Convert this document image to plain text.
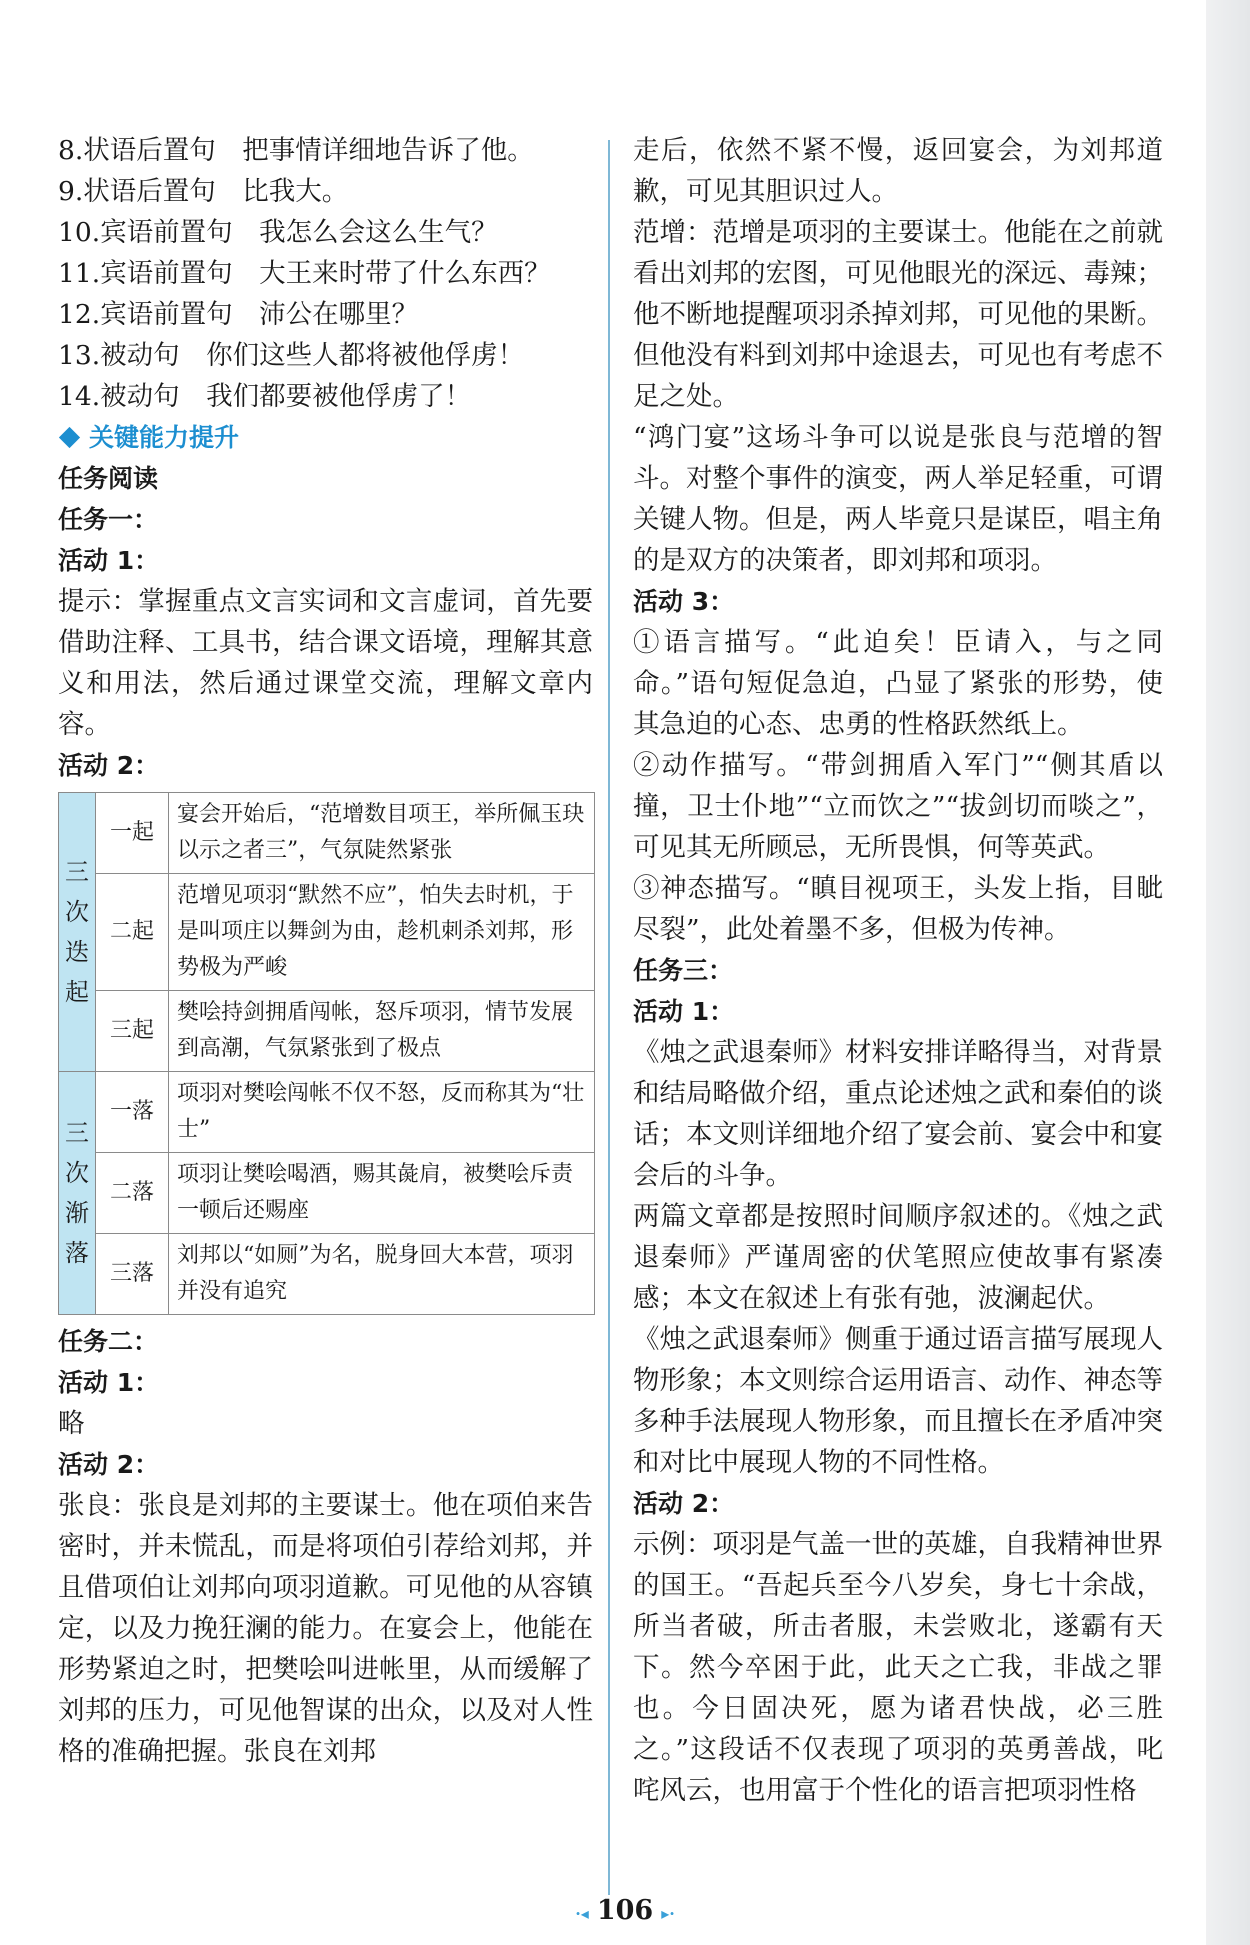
8.状语后置句　把事情详细地告诉了他。

9.状语后置句　比我大。

10.宾语前置句　我怎么会这么生气？

11.宾语前置句　大王来时带了什么东西？

12.宾语前置句　沛公在哪里？

13.被动句　你们这些人都将被他俘虏！

14.被动句　我们都要被他俘虏了！

关键能力提升

任务阅读

任务一：

活动 1：

提示：掌握重点文言实词和文言虚词，首先要借助注释、工具书，结合课文语境，理解其意义和用法，然后通过课堂交流，理解文章内容。

活动 2：

三
次
迭
起	一起	宴会开始后，“范增数目项王，举所佩玉玦以示之者三”，气氛陡然紧张
	二起	范增见项羽“默然不应”，怕失去时机，于是叫项庄以舞剑为由，趁机刺杀刘邦，形势极为严峻
	三起	樊哙持剑拥盾闯帐，怒斥项羽，情节发展到高潮，气氛紧张到了极点

三
次
渐
落	一落	项羽对樊哙闯帐不仅不怒，反而称其为“壮士”
	二落	项羽让樊哙喝酒，赐其彘肩，被樊哙斥责一顿后还赐座
	三落	刘邦以“如厕”为名，脱身回大本营，项羽并没有追究

任务二：

活动 1：

略

活动 2：

张良：张良是刘邦的主要谋士。他在项伯来告密时，并未慌乱，而是将项伯引荐给刘邦，并且借项伯让刘邦向项羽道歉。可见他的从容镇定，以及力挽狂澜的能力。在宴会上，他能在形势紧迫之时，把樊哙叫进帐里，从而缓解了刘邦的压力，可见他智谋的出众，以及对人性格的准确把握。张良在刘邦

走后，依然不紧不慢，返回宴会，为刘邦道歉，可见其胆识过人。

范增：范增是项羽的主要谋士。他能在之前就看出刘邦的宏图，可见他眼光的深远、毒辣；他不断地提醒项羽杀掉刘邦，可见他的果断。但他没有料到刘邦中途退去，可见也有考虑不足之处。

“鸿门宴”这场斗争可以说是张良与范增的智斗。对整个事件的演变，两人举足轻重，可谓关键人物。但是，两人毕竟只是谋臣，唱主角的是双方的决策者，即刘邦和项羽。

活动 3：

①语言描写。“此迫矣！臣请入，与之同命。”语句短促急迫，凸显了紧张的形势，使其急迫的心态、忠勇的性格跃然纸上。

②动作描写。“带剑拥盾入军门”“侧其盾以撞，卫士仆地”“立而饮之”“拔剑切而啖之”，可见其无所顾忌，无所畏惧，何等英武。

③神态描写。“瞋目视项王，头发上指，目眦尽裂”，此处着墨不多，但极为传神。

任务三：

活动 1：

《烛之武退秦师》材料安排详略得当，对背景和结局略做介绍，重点论述烛之武和秦伯的谈话；本文则详细地介绍了宴会前、宴会中和宴会后的斗争。

两篇文章都是按照时间顺序叙述的。《烛之武退秦师》严谨周密的伏笔照应使故事有紧凑感；本文在叙述上有张有弛，波澜起伏。

《烛之武退秦师》侧重于通过语言描写展现人物形象；本文则综合运用语言、动作、神态等多种手法展现人物形象，而且擅长在矛盾冲突和对比中展现人物的不同性格。

活动 2：

示例：项羽是气盖一世的英雄，自我精神世界的国王。“吾起兵至今八岁矣，身七十余战，所当者破，所击者服，未尝败北，遂霸有天下。然今卒困于此，此天之亡我，非战之罪也。今日固决死，愿为诸君快战，必三胜之。”这段话不仅表现了项羽的英勇善战，叱咤风云，也用富于个性化的语言把项羽性格

·◂ 106 ▸·
